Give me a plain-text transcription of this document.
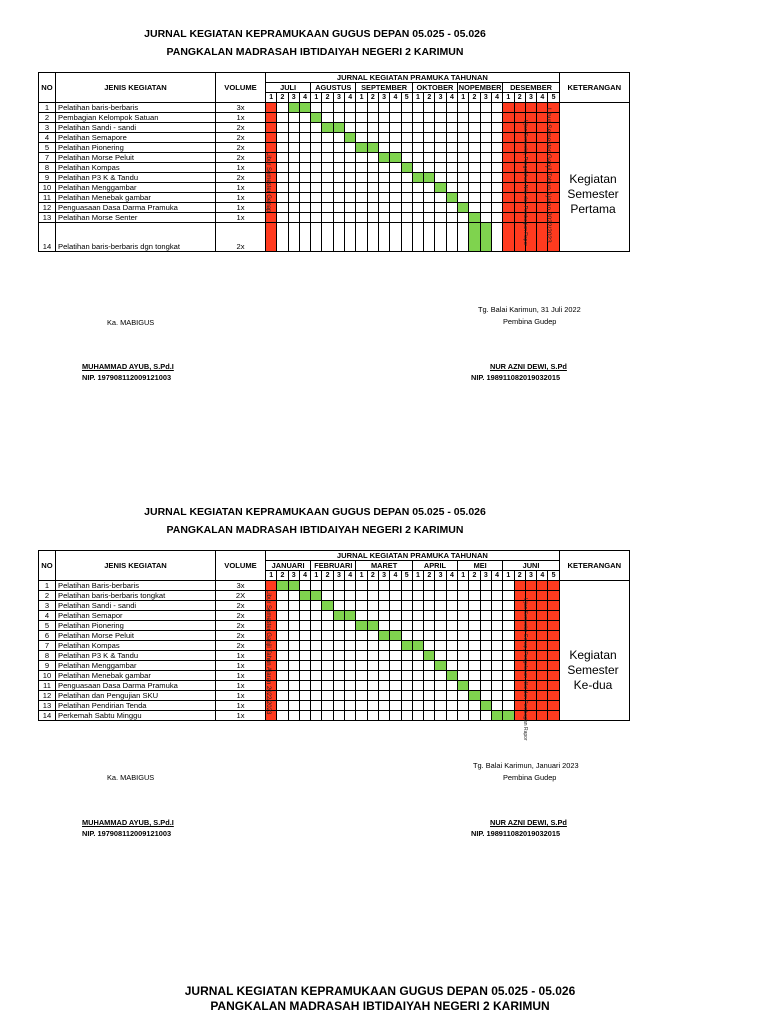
JURNAL KEGIATAN KEPRAMUKAAN GUGUS DEPAN 05.025 - 05.026
PANGKALAN MADRASAH IBTIDAIYAH NEGERI 2 KARIMUN
NO	JENIS KEGIATAN	VOLUME	JURNAL KEGIATAN PRAMUKA TAHUNAN																										KETERANGAN
			JULI				AGUSTUS				SEPTEMBER					OKTOBER				NOPEMBER				DESEMBER					
			1	2	3	4	1	2	3	4	1	2	3	4	5	1	2	3	4	1	2	3	4	1	2	3	4	5	
1	Pelatihan baris-berbaris	3x																											
2	Pembagian Kelompok Satuan	1x																											
3	Pelatihan Sandi - sandi	2x																											
4	Pelatihan Semapore	2x																											
5	Pelatihan Pionering	2x																											
7	Pelatihan Morse Peluit	2x																											
8	Pelatihan Kompas	1x																											
9	Pelatihan P3 K & Tandu	2x																											
10	Pelatihan Menggambar	1x																											
11	Pelatihan Menebak gambar	1x																											
12	Penguasaan Dasa Darma Pramuka	1x																											
13	Pelatihan Morse Senter	1x																											
14	Pelatihan baris-berbaris dgn tongkat	2x																											
Libur Semester Genap	Ujian Semester, Pengolahan Nilai dan Pembagian Rapor	Libur Semester Ganjil Tahun Ajaran 2022/2023	Kegiatan Semester Pertama
Tg. Balai Karimun, 31 Juli 2022
Pembina Gudep
Ka. MABIGUS
MUHAMMAD AYUB, S.Pd.I
NIP. 197908112009121003
NUR AZNI DEWI, S.Pd
NIP. 198911082019032015
JURNAL KEGIATAN KEPRAMUKAAN GUGUS DEPAN 05.025 - 05.026
PANGKALAN MADRASAH IBTIDAIYAH NEGERI 2 KARIMUN
NO	JENIS KEGIATAN	VOLUME	JURNAL KEGIATAN PRAMUKA TAHUNAN																										KETERANGAN
			JANUARI				FEBRUARI				MARET					APRIL				MEI				JUNI					
			1	2	3	4	1	2	3	4	1	2	3	4	5	1	2	3	4	1	2	3	4	1	2	3	4	5	
1	Pelatihan Baris-berbaris	3x																											
2	Pelatihan baris-berbaris tongkat	2X																											
3	Pelatihan Sandi - sandi	2x																											
4	Pelatihan Semapor	2x																											
5	Pelatihan Pionering	2x																											
6	Pelatihan Morse Peluit	2x																											
7	Pelatihan Kompas	2x																											
8	Pelatihan P3 K & Tandu	1x																											
9	Pelatihan Menggambar	1x																											
10	Pelatihan Menebak gambar	1x																											
11	Penguasaan Dasa Darma Pramuka	1x																											
12	Pelatihan dan Pengujian SKU	1x																											
13	Pelatihan Pendirian Tenda	1x																											
14	Perkemah Sabtu Minggu	1x																											
Libur Semester Ganjil Tahun Ajaran 2022/2023	Ujian Semester Genap, Pengolahan Nilai dan Pembagian Rapor	Kegiatan Semester Ke-dua
Tg. Balai Karimun, Januari 2023
Pembina Gudep
Ka. MABIGUS
MUHAMMAD AYUB, S.Pd.I
NIP. 197908112009121003
NUR AZNI DEWI, S.Pd
NIP. 198911082019032015
JURNAL KEGIATAN KEPRAMUKAAN GUGUS DEPAN 05.025 - 05.026
PANGKALAN MADRASAH IBTIDAIYAH NEGERI 2 KARIMUN
